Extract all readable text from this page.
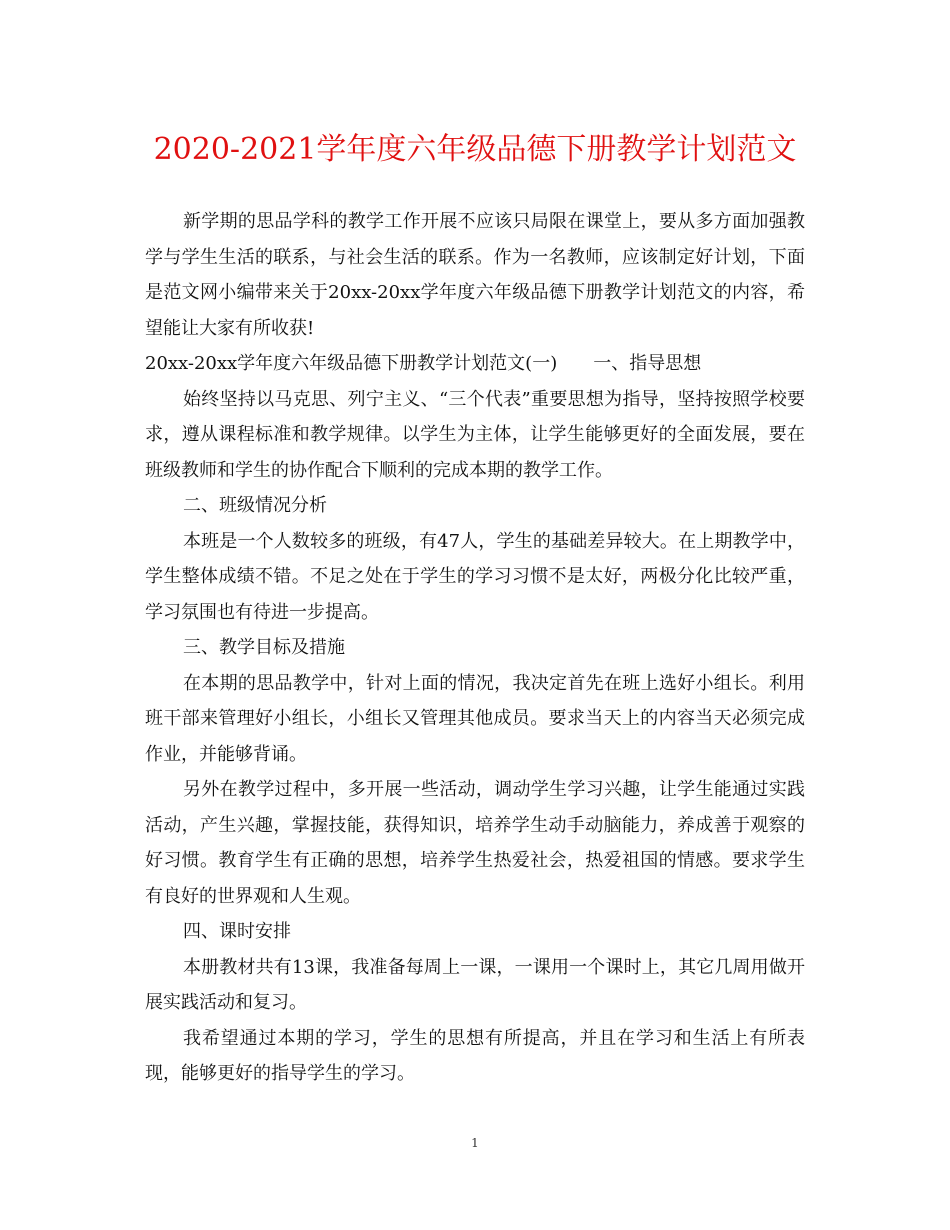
2020-2021学年度六年级品德下册教学计划范文

新学期的思品学科的教学工作开展不应该只局限在课堂上，要从多方面加强教学与学生生活的联系，与社会生活的联系。作为一名教师，应该制定好计划，下面是范文网小编带来关于20xx-20xx学年度六年级品德下册教学计划范文的内容，希望能让大家有所收获!

20xx-20xx学年度六年级品德下册教学计划范文(一)　　一、指导思想

始终坚持以马克思、列宁主义、“三个代表”重要思想为指导，坚持按照学校要求，遵从课程标准和教学规律。以学生为主体，让学生能够更好的全面发展，要在班级教师和学生的协作配合下顺利的完成本期的教学工作。

二、班级情况分析

本班是一个人数较多的班级，有47人，学生的基础差异较大。在上期教学中，学生整体成绩不错。不足之处在于学生的学习习惯不是太好，两极分化比较严重，学习氛围也有待进一步提高。

三、教学目标及措施

在本期的思品教学中，针对上面的情况，我决定首先在班上选好小组长。利用班干部来管理好小组长，小组长又管理其他成员。要求当天上的内容当天必须完成作业，并能够背诵。

另外在教学过程中，多开展一些活动，调动学生学习兴趣，让学生能通过实践活动，产生兴趣，掌握技能，获得知识，培养学生动手动脑能力，养成善于观察的好习惯。教育学生有正确的思想，培养学生热爱社会，热爱祖国的情感。要求学生有良好的世界观和人生观。

四、课时安排

本册教材共有13课，我准备每周上一课，一课用一个课时上，其它几周用做开展实践活动和复习。

我希望通过本期的学习，学生的思想有所提高，并且在学习和生活上有所表现，能够更好的指导学生的学习。

1
